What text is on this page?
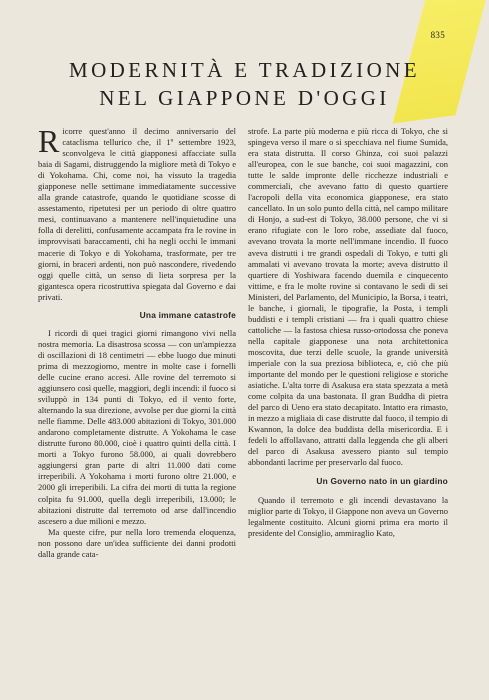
835
MODERNITÀ E TRADIZIONE
NEL GIAPPONE D'OGGI

Ricorre quest'anno il decimo anniversario del cataclisma tellurico che, il 1º settembre 1923, sconvolgeva le città giapponesi affacciate sulla baia di Sagami, distruggendo la migliore metà di Tokyo e di Yokohama. Chi, come noi, ha vissuto la tragedia giapponese nelle settimane immediatamente successive alla grande catastrofe, quando le quotidiane scosse di assestamento, ripetutesi per un periodo di oltre quattro mesi, continuavano a mantenere nell'inquietudine una folla di derelitti, confusamente accampata fra le rovine in improvvisati baraccamenti, chi ha negli occhi le immani macerie di Tokyo e di Yokohama, trasformate, per tre giorni, in braceri ardenti, non può nascondere, rivedendo oggi quelle città, un senso di lieta sorpresa per la gigantesca opera ricostruttiva spiegata dal Governo e dai privati.

Una immane catastrofe

I ricordi di quei tragici giorni rimangono vivi nella nostra memoria. La disastrosa scossa — con un'ampiezza di oscillazioni di 18 centimetri — ebbe luogo due minuti prima di mezzogiorno, mentre in molte case i fornelli delle cucine erano accesi. Alle rovine del terremoto si aggiunsero così quelle, maggiori, degli incendi: il fuoco si sviluppò in 134 punti di Tokyo, ed il vento forte, alternando la sua direzione, avvolse per due giorni la città nelle fiamme. Delle 483.000 abitazioni di Tokyo, 301.000 andarono completamente distrutte. A Yokohama le case distrutte furono 80.000, cioè i quattro quinti della città. I morti a Tokyo furono 58.000, ai quali dovrebbero aggiungersi gran parte di altri 11.000 dati come irreperibili. A Yokohama i morti furono oltre 21.000, e 2000 gli irreperibili. La cifra dei morti di tutta la regione colpita fu 91.000, quella degli irreperibili, 13.000; le abitazioni distrutte dal terremoto od arse dall'incendio ascesero a due milioni e mezzo.

Ma queste cifre, pur nella loro tremenda eloquenza, non possono dare un'idea sufficiente dei danni prodotti dalla grande cata-

strofe. La parte più moderna e più ricca di Tokyo, che si spingeva verso il mare o si specchiava nel fiume Sumida, era stata distrutta. Il corso Ghinza, coi suoi palazzi all'europea, con le sue banche, coi suoi magazzini, con tutte le salde impronte delle ricchezze industriali e commerciali, che avevano fatto di questo quartiere l'acropoli della vita economica giapponese, era stato cancellato. In un solo punto della città, nel campo militare di Honjo, a sud-est di Tokyo, 38.000 persone, che vi si erano rifugiate con le loro robe, assediate dal fuoco, avevano trovata la morte nell'immane incendio. Il fuoco aveva distrutti i tre grandi ospedali di Tokyo, e tutti gli ammalati vi avevano trovata la morte; aveva distrutto il quartiere di Yoshiwara facendo duemila e cinquecento vittime, e fra le molte rovine si contavano le sedi di sei Ministeri, del Parlamento, del Municipio, la Borsa, i teatri, le banche, i giornali, le tipografie, la Posta, i templi buddisti e i templi cristiani — fra i quali quattro chiese cattoliche — la fastosa chiesa russo-ortodossa che poneva nella capitale giapponese una nota architettonica moscovita, due terzi delle scuole, la grande università imperiale con la sua preziosa biblioteca, e, ciò che più importante del mondo per le questioni religiose e storiche asiatiche. L'alta torre di Asakusa era stata spezzata a metà come colpita da una bastonata. Il gran Buddha di pietra del parco di Ueno era stato decapitato. Intatto era rimasto, in mezzo a migliaia di case distrutte dal fuoco, il tempio di Kwannon, la dolce dea buddista della misericordia. E i fedeli lo affollavano, attratti dalla leggenda che gli alberi del parco di Asakusa avessero pianto sul tempio abbondanti lacrime per preservarlo dal fuoco.

Un Governo nato in un giardino

Quando il terremoto e gli incendi devastavano la miglior parte di Tokyo, il Giappone non aveva un Governo legalmente costituito. Alcuni giorni prima era morto il presidente del Consiglio, ammiraglio Kato,
